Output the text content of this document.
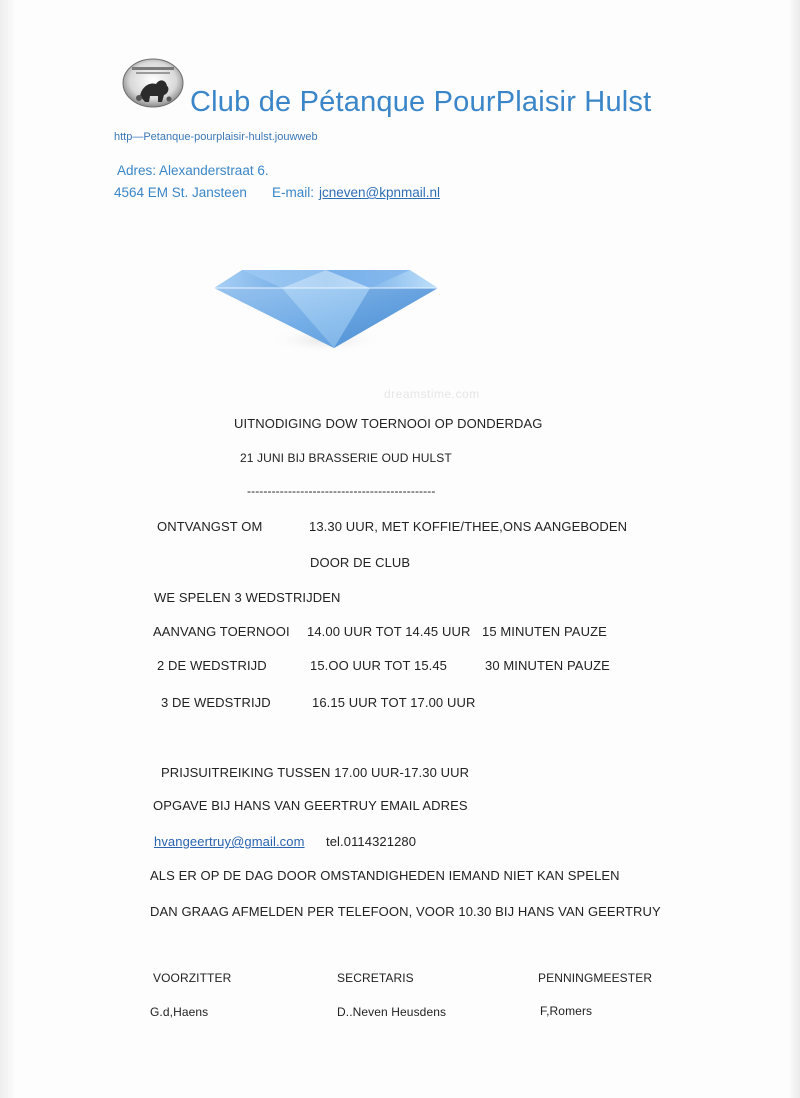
Club de Pétanque PourPlaisir Hulst
http—Petanque-pourplaisir-hulst.jouwweb
Adres: Alexanderstraat 6.
4564 EM St. Jansteen E-mail: jcneven@kpnmail.nl
dreamstime.com
UITNODIGING DOW TOERNOOI OP DONDERDAG
21 JUNI BIJ BRASSERIE OUD HULST
----------------------------------------------
ONTVANGST OM	13.30 UUR, MET KOFFIE/THEE,ONS AANGEBODEN
DOOR DE CLUB
WE SPELEN 3 WEDSTRIJDEN
AANVANG TOERNOOI 14.00 UUR TOT 14.45 UUR 15 MINUTEN PAUZE
2 DE WEDSTRIJD	15.OO UUR TOT 15.45	30 MINUTEN PAUZE
3 DE WEDSTRIJD	16.15 UUR TOT 17.00 UUR
PRIJSUITREIKING TUSSEN 17.00 UUR-17.30 UUR
OPGAVE BIJ HANS VAN GEERTRUY EMAIL ADRES
hvangeertruy@gmail.com tel.0114321280
ALS ER OP DE DAG DOOR OMSTANDIGHEDEN IEMAND NIET KAN SPELEN
DAN GRAAG AFMELDEN PER TELEFOON, VOOR 10.30 BIJ HANS VAN GEERTRUY
VOORZITTER	SECRETARIS	PENNINGMEESTER
G.d,Haens	D..Neven Heusdens	F,Romers
